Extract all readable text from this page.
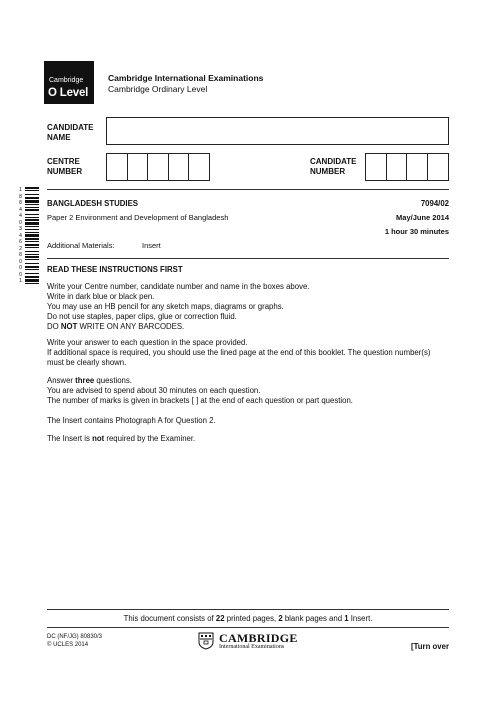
Cambridge
O Level
Cambridge International Examinations
Cambridge Ordinary Level
CANDIDATE
NAME
CENTRE
NUMBER
CANDIDATE
NUMBER
1
8
8
4
4
0
3
4
6
2
8
0
0
0
1
BANGLADESH STUDIES	7094/02
Paper 2 Environment and Development of Bangladesh	May/June 2014
1 hour 30 minutes
Additional Materials:	Insert
READ THESE INSTRUCTIONS FIRST
Write your Centre number, candidate number and name in the boxes above.
Write in dark blue or black pen.
You may use an HB pencil for any sketch maps, diagrams or graphs.
Do not use staples, paper clips, glue or correction fluid.
DO NOT WRITE ON ANY BARCODES.
Write your answer to each question in the space provided.
If additional space is required, you should use the lined page at the end of this booklet. The question number(s)
must be clearly shown.
Answer three questions.
You are advised to spend about 30 minutes on each question.
The number of marks is given in brackets [ ] at the end of each question or part question.
The Insert contains Photograph A for Question 2.
The Insert is not required by the Examiner.
This document consists of 22 printed pages, 2 blank pages and 1 Insert.
DC (NF/JG) 80830/3
© UCLES 2014	CAMBRIDGE
International Examinations	[Turn over
